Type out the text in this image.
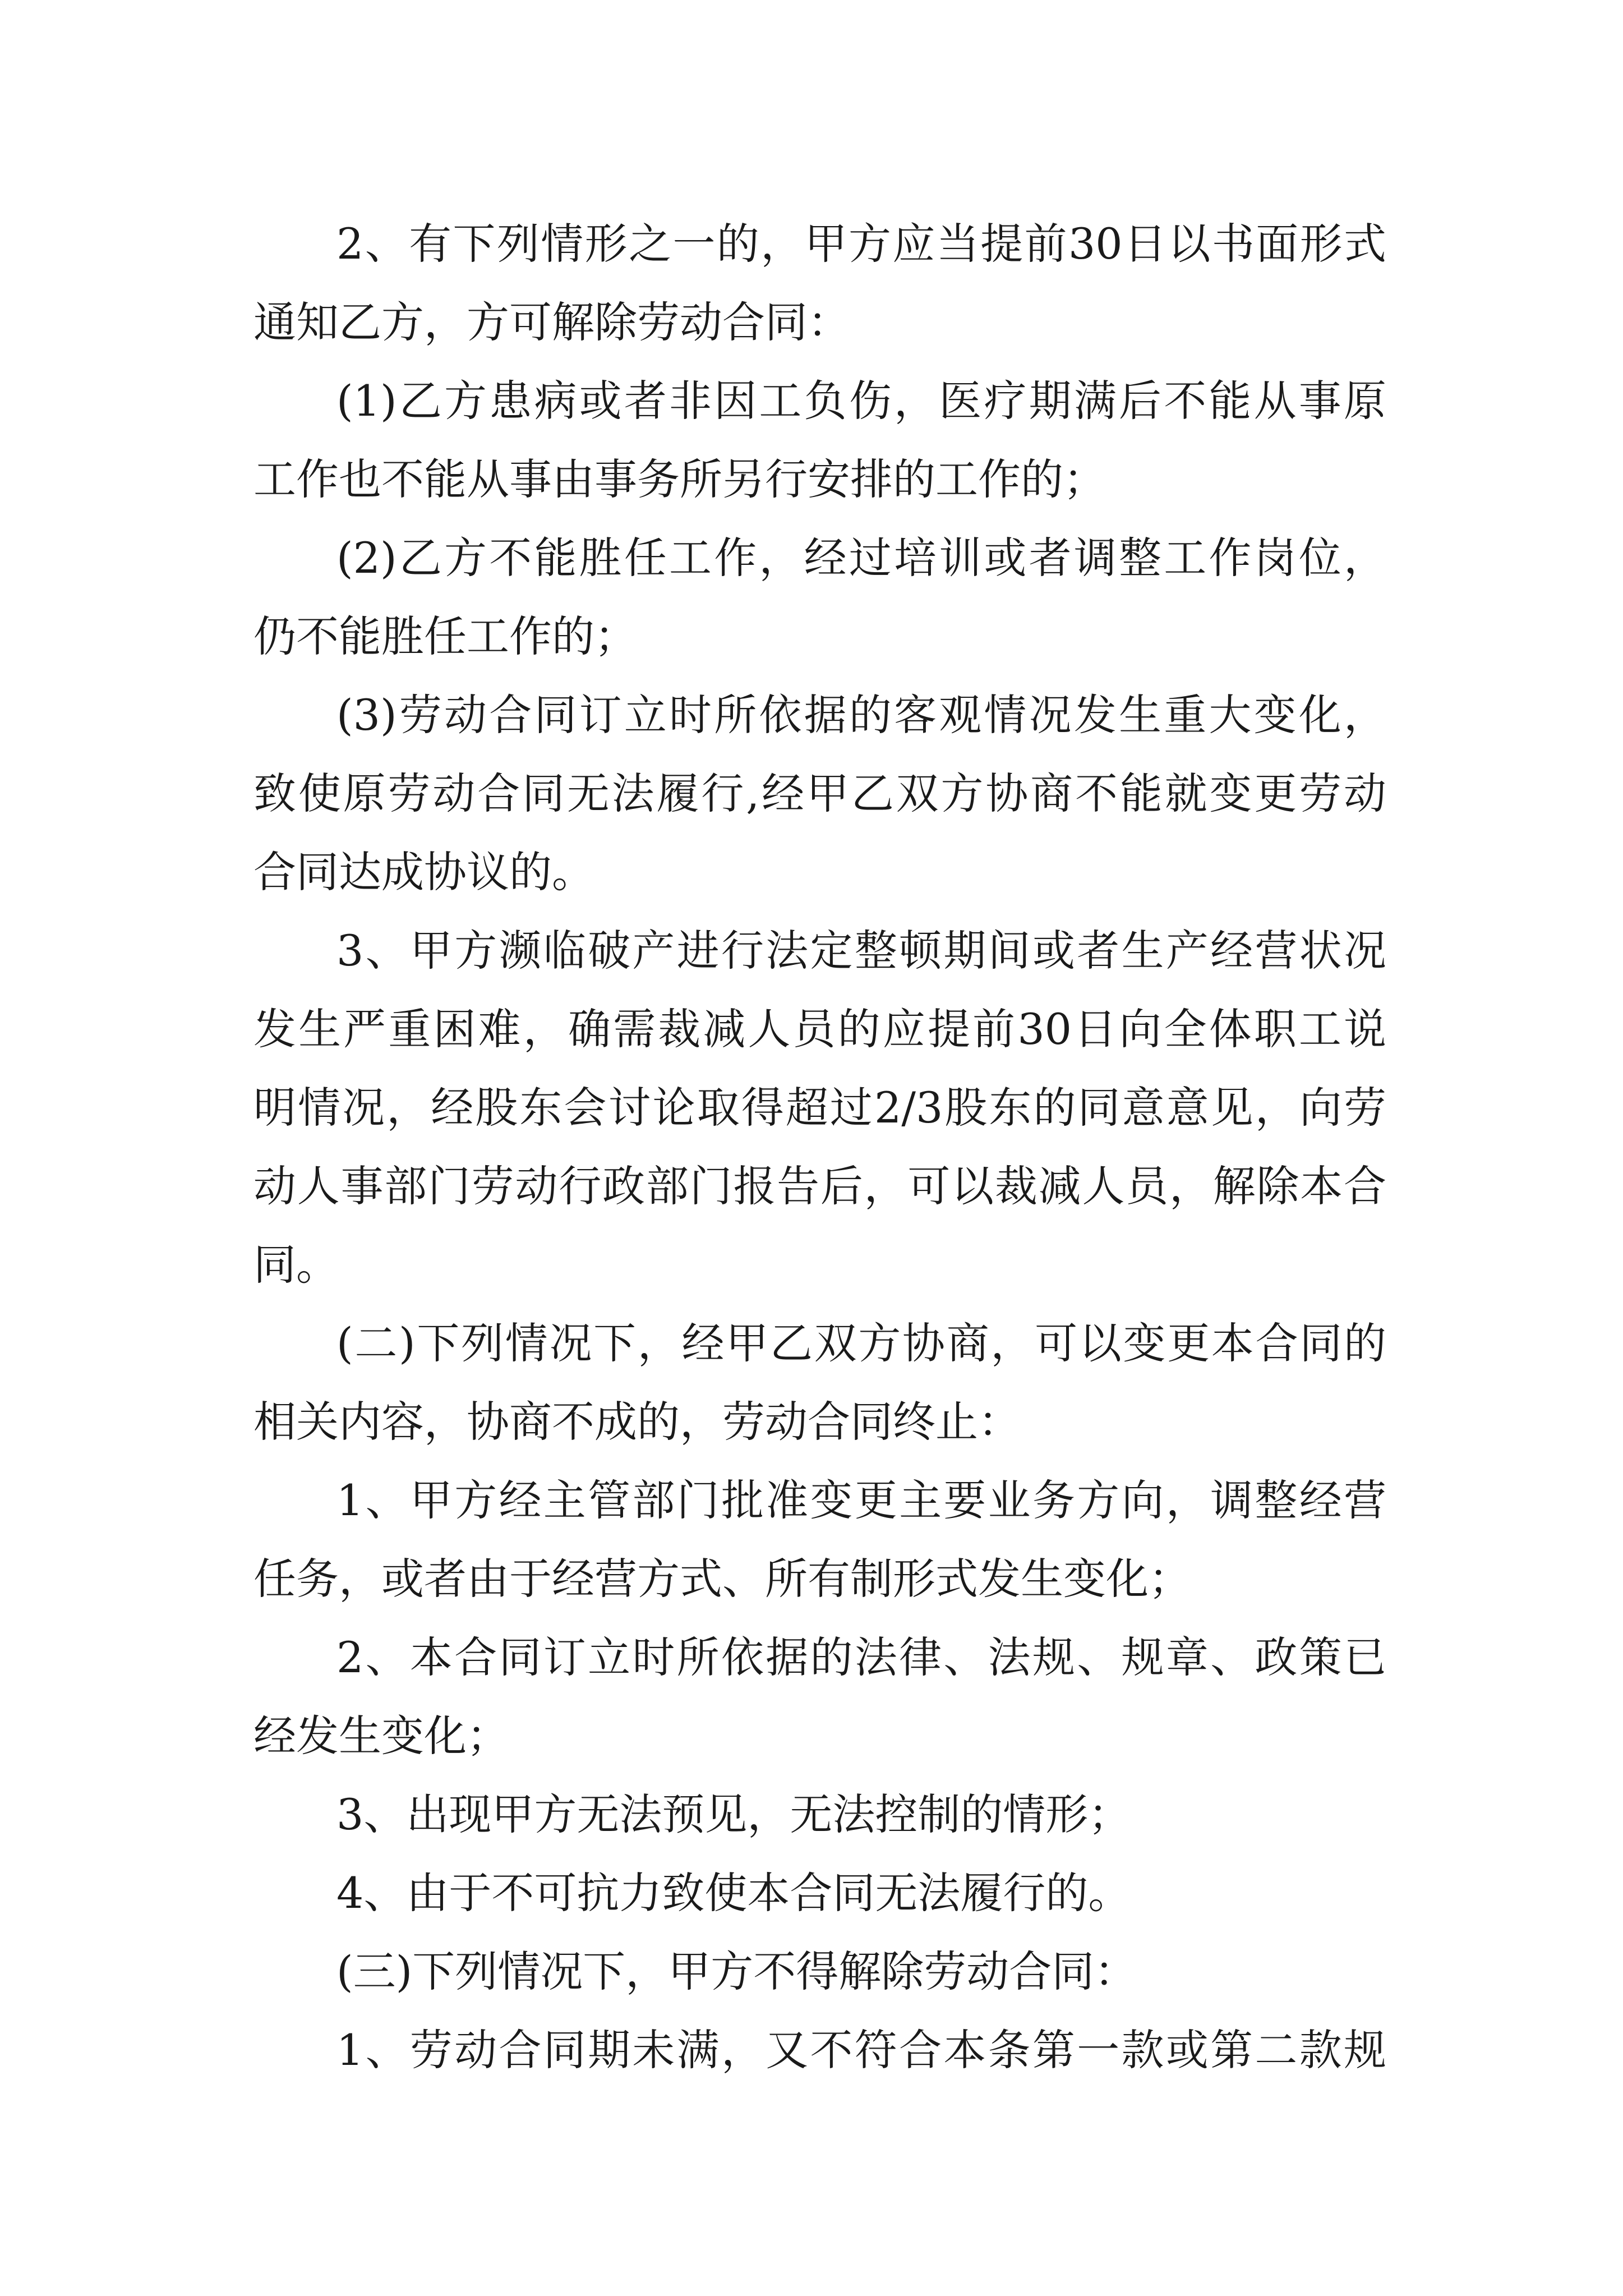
2、有下列情形之一的，甲方应当提前30日以书面形式
通知乙方，方可解除劳动合同：
(1)乙方患病或者非因工负伤，医疗期满后不能从事原
工作也不能从事由事务所另行安排的工作的；
(2)乙方不能胜任工作，经过培训或者调整工作岗位，
仍不能胜任工作的；
(3)劳动合同订立时所依据的客观情况发生重大变化，
致使原劳动合同无法履行,经甲乙双方协商不能就变更劳动
合同达成协议的。
3、甲方濒临破产进行法定整顿期间或者生产经营状况
发生严重困难，确需裁减人员的应提前30日向全体职工说
明情况，经股东会讨论取得超过2/3股东的同意意见，向劳
动人事部门劳动行政部门报告后，可以裁减人员，解除本合
同。
(二)下列情况下，经甲乙双方协商，可以变更本合同的
相关内容，协商不成的，劳动合同终止：
1、甲方经主管部门批准变更主要业务方向，调整经营
任务，或者由于经营方式、所有制形式发生变化；
2、本合同订立时所依据的法律、法规、规章、政策已
经发生变化；
3、出现甲方无法预见，无法控制的情形；
4、由于不可抗力致使本合同无法履行的。
(三)下列情况下，甲方不得解除劳动合同：
1、劳动合同期未满，又不符合本条第一款或第二款规
